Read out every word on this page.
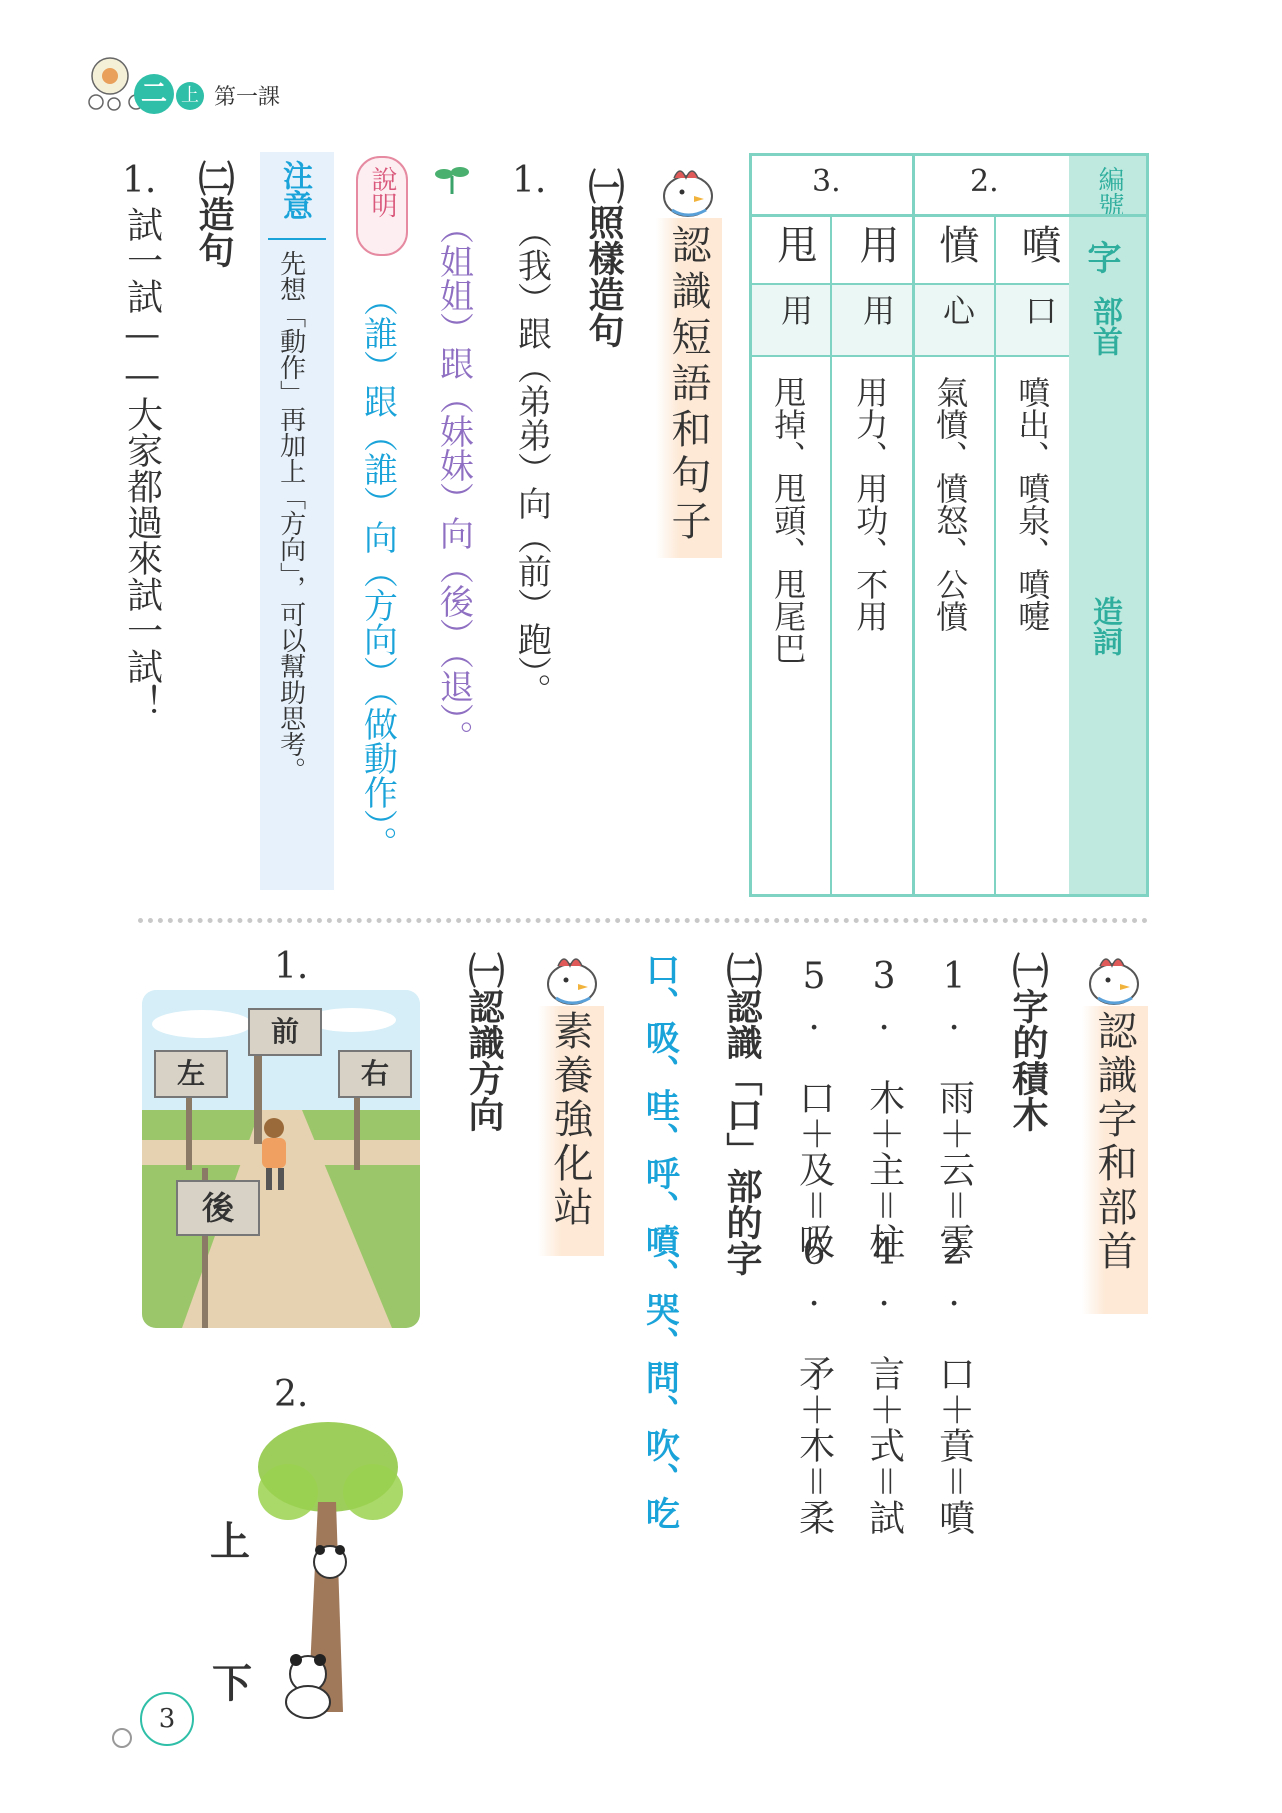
二 上 第一課
編號
字
部首
造詞
3.	2.
噴
口
噴出、噴泉、噴嚏
憤
心
氣憤、憤怒、公憤
用
用
用力、用功、不用
甩
用
甩掉、甩頭、甩尾巴
認識短語和句子
㈠照樣造句
1.
（我）跟（弟弟）向（前）跑）。
（姐姐）跟（妹妹）向（後）（退）。
說明
（誰）跟（誰）向（方向）（做動作）。
注意
先想「動作」再加上「方向」，可以幫助思考。
㈡造句
1.
試一試——大家都過來試一試！
認識字和部首
㈠字的積木
1. 雨＋云＝雲
2. 口＋賁＝噴
3. 木＋主＝柱
4. 言＋式＝試
5. 口＋及＝吸
6. 矛＋木＝柔
㈡認識「口」部的字
口、吸、哇、呼、噴、哭、問、吹、吃
素養強化站
㈠認識方向
1.
前
左	右
後
2.
上
下
3
